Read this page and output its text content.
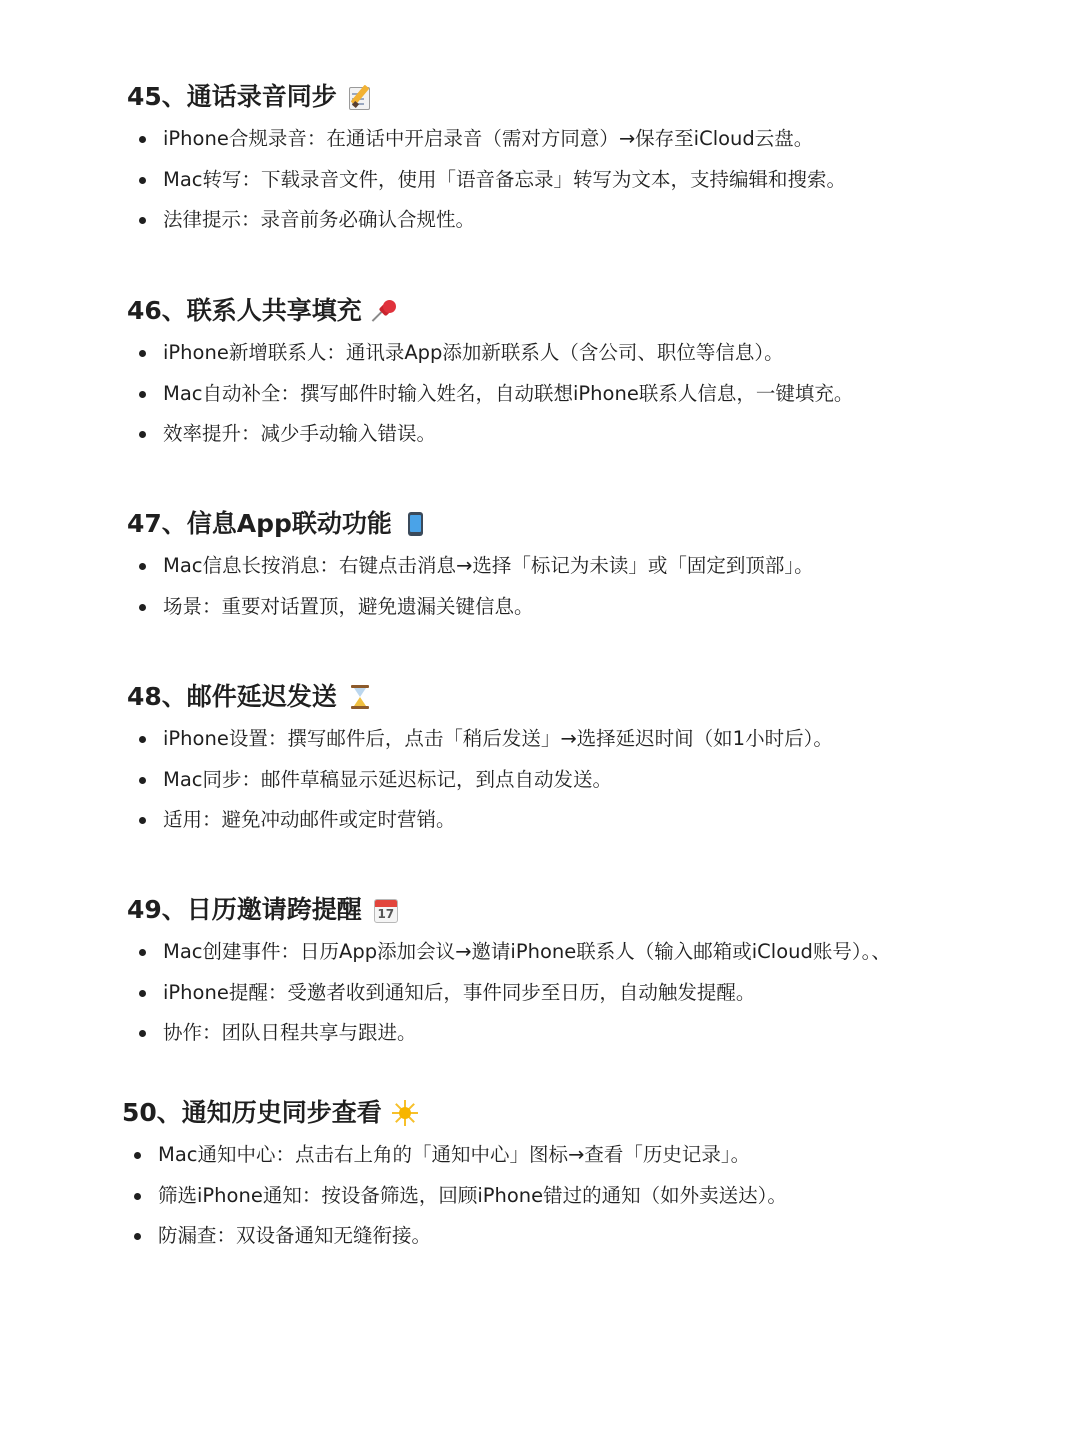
45、通话录音同步
iPhone合规录音：在通话中开启录音（需对方同意）→保存至iCloud云盘。
Mac转写：下载录音文件，使用「语音备忘录」转写为文本，支持编辑和搜索。
法律提示：录音前务必确认合规性。
46、联系人共享填充
iPhone新增联系人：通讯录App添加新联系人（含公司、职位等信息）。
Mac自动补全：撰写邮件时输入姓名，自动联想iPhone联系人信息，一键填充。
效率提升：减少手动输入错误。
47、信息App联动功能
Mac信息长按消息：右键点击消息→选择「标记为未读」或「固定到顶部」。
场景：重要对话置顶，避免遗漏关键信息。
48、邮件延迟发送
iPhone设置：撰写邮件后，点击「稍后发送」→选择延迟时间（如1小时后）。
Mac同步：邮件草稿显示延迟标记，到点自动发送。
适用：避免冲动邮件或定时营销。
49、日历邀请跨提醒 17
Mac创建事件：日历App添加会议→邀请iPhone联系人（输入邮箱或iCloud账号）。、
iPhone提醒：受邀者收到通知后，事件同步至日历，自动触发提醒。
协作：团队日程共享与跟进。
50、通知历史同步查看
Mac通知中心：点击右上角的「通知中心」图标→查看「历史记录」。
筛选iPhone通知：按设备筛选，回顾iPhone错过的通知（如外卖送达）。
防漏查：双设备通知无缝衔接。
